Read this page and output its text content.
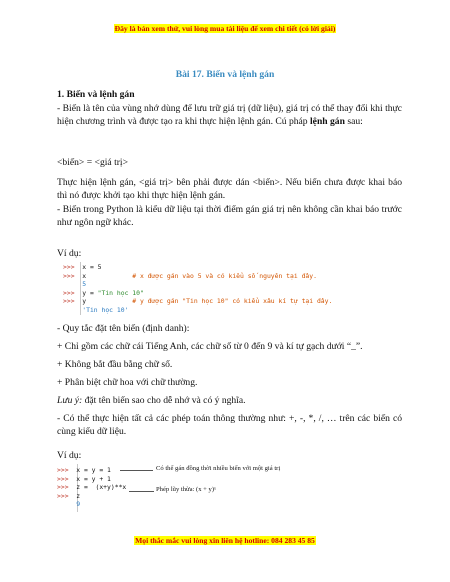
Đây là bản xem thử, vui lòng mua tài liệu để xem chi tiết (có lời giải)
Bài 17. Biến và lệnh gán
1. Biến và lệnh gán
- Biến là tên của vùng nhớ dùng để lưu trữ giá trị (dữ liệu), giá trị có thể thay đổi khi thực hiện chương trình và được tạo ra khi thực hiện lệnh gán. Cú pháp lệnh gán sau:
<biến> = <giá trị>
Thực hiện lệnh gán, <giá trị> bên phải được dán <biến>. Nếu biến chưa được khai báo thì nó được khởi tạo khi thực hiện lệnh gán.
- Biến trong Python là kiểu dữ liệu tại thời điểm gán giá trị nên không cần khai báo trước như ngôn ngữ khác.
Ví dụ:
>>> x = 5
>>> x	# x được gán vào 5 và có kiểu số nguyên tại đây.
5
>>> y = "Tin học 10"
>>> y	# y được gán "Tin học 10" có kiểu xâu kí tự tại đây.
'Tin học 10'
- Quy tắc đặt tên biến (định danh):
+ Chỉ gồm các chữ cái Tiếng Anh, các chữ số từ 0 đến 9 và kí tự gạch dưới “_”.
+ Không bắt đầu bằng chữ số.
+ Phân biệt chữ hoa với chữ thường.
Lưu ý: đặt tên biến sao cho dễ nhớ và có ý nghĩa.
- Có thể thực hiện tất cả các phép toán thông thường như: +, -, *, /, … trên các biến có cùng kiểu dữ liệu.
Ví dụ:
>>> x = y = 1
>>> x = y + 1
>>> z =  (x+y)**x
>>> z
9
Có thể gán đồng thời nhiều biến với một giá trị
Phép lũy thừa: (x + y)ˣ
Mọi thắc mắc vui lòng xin liên hệ hotline: 084 283 45 85
